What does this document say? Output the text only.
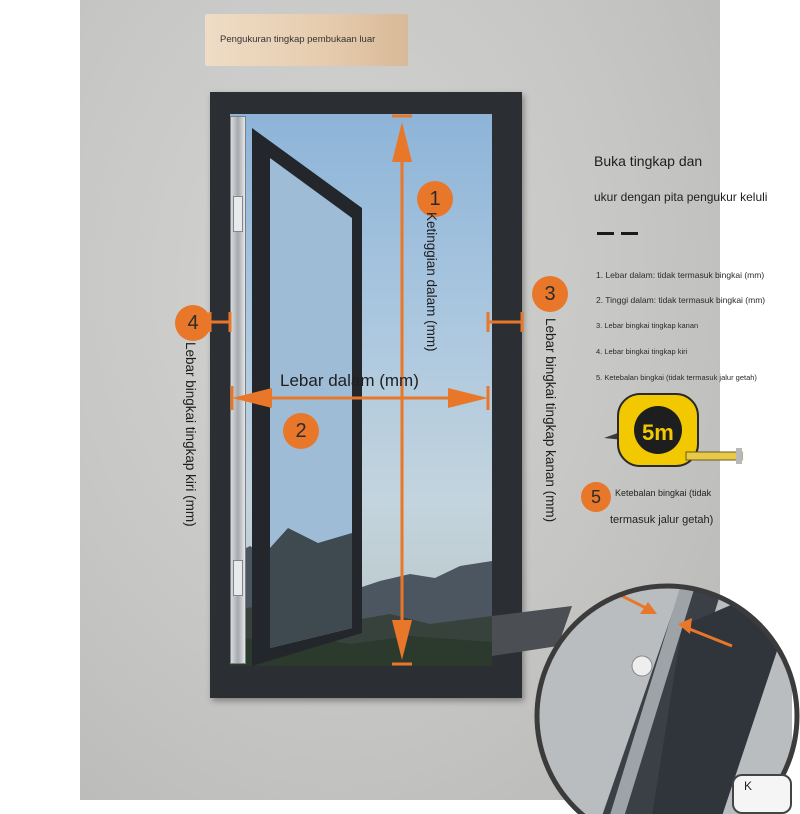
Pengukuran tingkap pembukaan luar
1
2
3
4	Ketinggian dalam (mm)
Lebar dalam (mm)	Lebar bingkai tingkap kanan (mm)
Lebar bingkai tingkap kiri (mm)
Buka tingkap dan
ukur dengan pita pengukur keluli
1. Lebar dalam: tidak termasuk bingkai (mm)
2. Tinggi dalam: tidak termasuk bingkai (mm)
3. Lebar bingkai tingkap kanan
4. Lebar bingkai tingkap kiri
5. Ketebalan bingkai (tidak termasuk jalur getah)
5m
5	Ketebalan bingkai (tidak
termasuk jalur getah)
K
